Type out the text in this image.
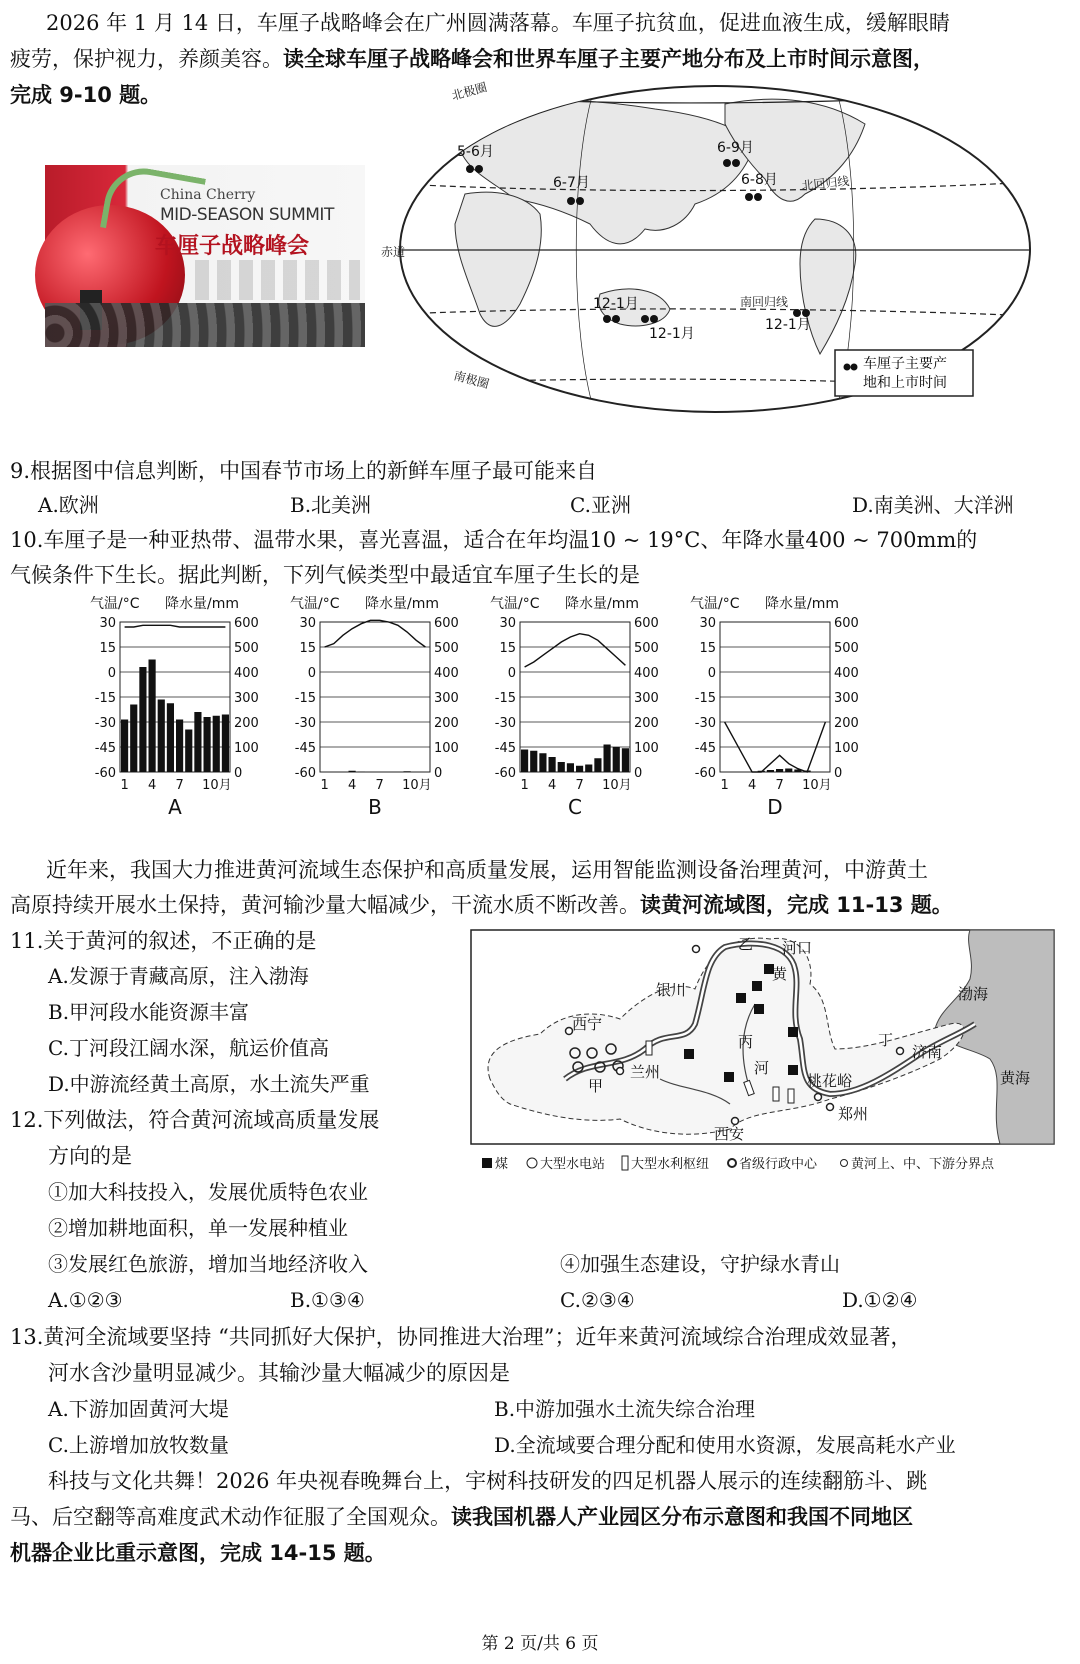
2026 年 1 月 14 日，车厘子战略峰会在广州圆满落幕。车厘子抗贫血，促进血液生成，缓解眼睛
疲劳，保护视力，养颜美容。读全球车厘子战略峰会和世界车厘子主要产地分布及上市时间示意图，
完成 9-10 题。
China Cherry
MID-SEASON SUMMIT
车厘子战略峰会
北极圈
北回归线
赤道
南回归线
南极圈
5-6月
6-7月
6-9月
6-8月
12-1月
12-1月
12-1月
车厘子主要产
地和上市时间
9.根据图中信息判断，中国春节市场上的新鲜车厘子最可能来自
A.欧洲	B.北美洲	C.亚洲	D.南美洲、大洋洲
10.车厘子是一种亚热带、温带水果，喜光喜温，适合在年均温10 ~ 19°C、年降水量400 ~ 700mm的
气候条件下生长。据此判断，下列气候类型中最适宜车厘子生长的是
气温/°C 降水量/mm
30	600
15	500
0	400
-15	300
-30	200
-45	100
-60	0
1 4 7 10月
A
气温/°C 降水量/mm
30	600
15	500
0	400
-15	300
-30	200
-45	100
-60	0
1 4 7 10月
B
气温/°C 降水量/mm
30	600
15	500
0	400
-15	300
-30	200
-45	100
-60	0
1 4 7 10月
C
气温/°C 降水量/mm
30	600
15	500
0	400
-15	300
-30	200
-45	100
-60	0
1 4 7 10月
D
近年来，我国大力推进黄河流域生态保护和高质量发展，运用智能监测设备治理黄河，中游黄土
高原持续开展水土保持，黄河输沙量大幅减少，干流水质不断改善。读黄河流域图，完成 11-13 题。
11.关于黄河的叙述，不正确的是
A.发源于青藏高原，注入渤海
B.甲河段水能资源丰富
C.丁河段江阔水深，航运价值高
D.中游流经黄土高原，水土流失严重
12.下列做法，符合黄河流域高质量发展
方向的是
①加大科技投入，发展优质特色农业
②增加耕地面积，单一发展种植业
③发展红色旅游，增加当地经济收入	④加强生态建设，守护绿水青山
A.①②③	B.①③④	C.②③④	D.①②④
乙 河口
黄
银川
西宁
丙
河
兰州
甲	桃花峪
郑州
西安
丁
济南
渤海
黄海
煤 大型水电站 大型水利枢纽 省级行政中心	黄河上、中、下游分界点
13.黄河全流域要坚持 “共同抓好大保护，协同推进大治理”；近年来黄河流域综合治理成效显著，
河水含沙量明显减少。其输沙量大幅减少的原因是
A.下游加固黄河大堤	B.中游加强水土流失综合治理
C.上游增加放牧数量	D.全流域要合理分配和使用水资源，发展高耗水产业
科技与文化共舞！2026 年央视春晚舞台上，宇树科技研发的四足机器人展示的连续翻筋斗、跳
马、后空翻等高难度武术动作征服了全国观众。读我国机器人产业园区分布示意图和我国不同地区
机器企业比重示意图，完成 14-15 题。
第 2 页/共 6 页
